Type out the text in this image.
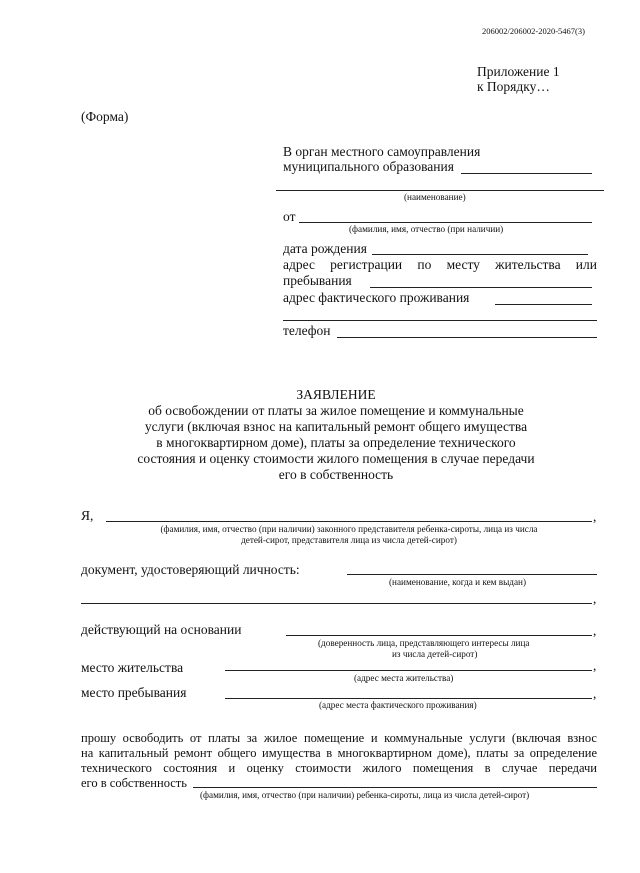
206002/206002-2020-5467(3)
Приложение 1
к Порядку…
(Форма)
В орган местного самоуправления
муниципального образования
(наименование)
от
(фамилия, имя, отчество (при наличии)
дата рождения
адрес регистрации по месту жительства или
пребывания
адрес фактического проживания
телефон
ЗАЯВЛЕНИЕ
об освобождении от платы за жилое помещение и коммунальные
услуги (включая взнос на капитальный ремонт общего имущества
в многоквартирном доме), платы за определение технического
состояния и оценку стоимости жилого помещения в случае передачи
его в собственность
Я,	,
(фамилия, имя, отчество (при наличии) законного представителя ребенка-сироты, лица из числа
детей-сирот, представителя лица из числа детей-сирот)
документ, удостоверяющий личность:
(наименование, когда и кем выдан)
,
действующий на основании	,
(доверенность лица, представляющего интересы лица
из числа детей-сирот)
место жительства	,
(адрес места жительства)
место пребывания	,
(адрес места фактического проживания)
прошу освободить от платы за жилое помещение и коммунальные услуги (включая взнос
на капитальный ремонт общего имущества в многоквартирном доме), платы за определение
технического состояния и оценку стоимости жилого помещения в случае передачи
его в собственность
(фамилия, имя, отчество (при наличии) ребенка-сироты, лица из числа детей-сирот)
